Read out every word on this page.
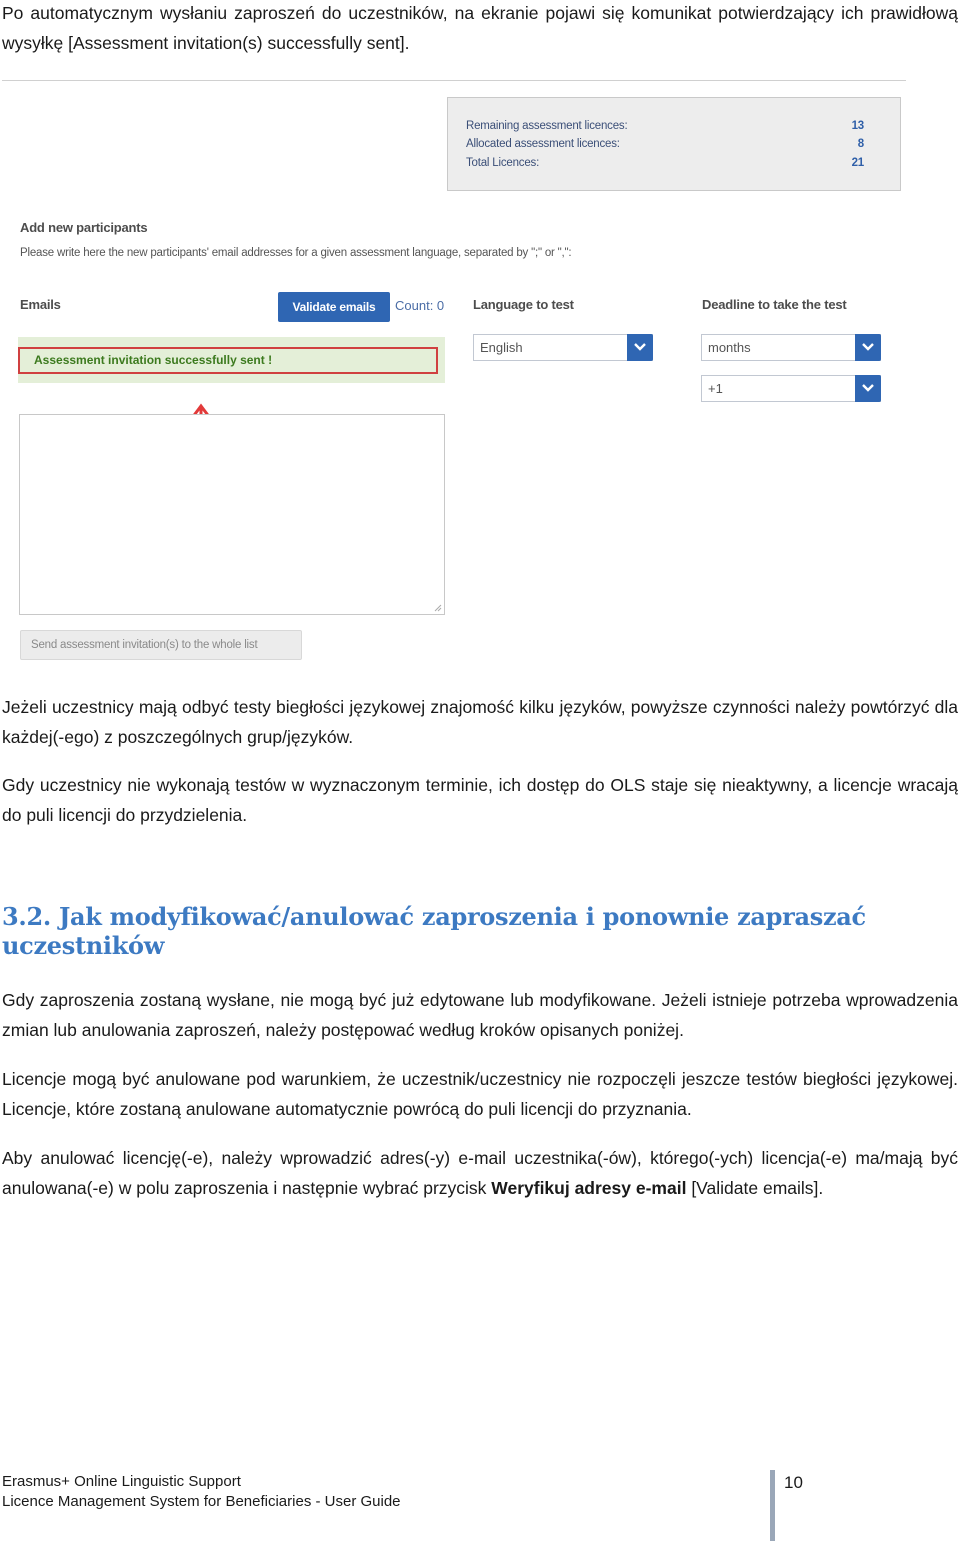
Po automatycznym wysłaniu zaproszeń do uczestników, na ekranie pojawi się komunikat potwierdzający ich prawidłową wysyłkę [Assessment invitation(s) successfully sent].
Remaining assessment licences:	13
Allocated assessment licences:	8
Total Licences:	21
Add new participants
Please write here the new participants' email addresses for a given assessment language, separated by ";" or ",":
Emails	Validate emails	Count: 0 Language to test	Deadline to take the test
Assessment invitation successfully sent !
English	months
+1
Send assessment invitation(s) to the whole list
Jeżeli uczestnicy mają odbyć testy biegłości językowej znajomość kilku języków, powyższe czynności należy powtórzyć dla każdej(-ego) z poszczególnych grup/języków.
Gdy uczestnicy nie wykonają testów w wyznaczonym terminie, ich dostęp do OLS staje się nieaktywny, a licencje wracają do puli licencji do przydzielenia.
3.2. Jak modyfikować/anulować zaproszenia i ponownie zapraszać uczestników
Gdy zaproszenia zostaną wysłane, nie mogą być już edytowane lub modyfikowane. Jeżeli istnieje potrzeba wprowadzenia zmian lub anulowania zaproszeń, należy postępować według kroków opisanych poniżej.
Licencje mogą być anulowane pod warunkiem, że uczestnik/uczestnicy nie rozpoczęli jeszcze testów biegłości językowej. Licencje, które zostaną anulowane automatycznie powrócą do puli licencji do przyznania.
Aby anulować licencję(-e), należy wprowadzić adres(-y) e-mail uczestnika(-ów), którego(-ych) licencja(-e) ma/mają być anulowana(-e) w polu zaproszenia i następnie wybrać przycisk Weryfikuj adresy e-mail [Validate emails].
Erasmus+ Online Linguistic Support
Licence Management System for Beneficiaries - User Guide
10
